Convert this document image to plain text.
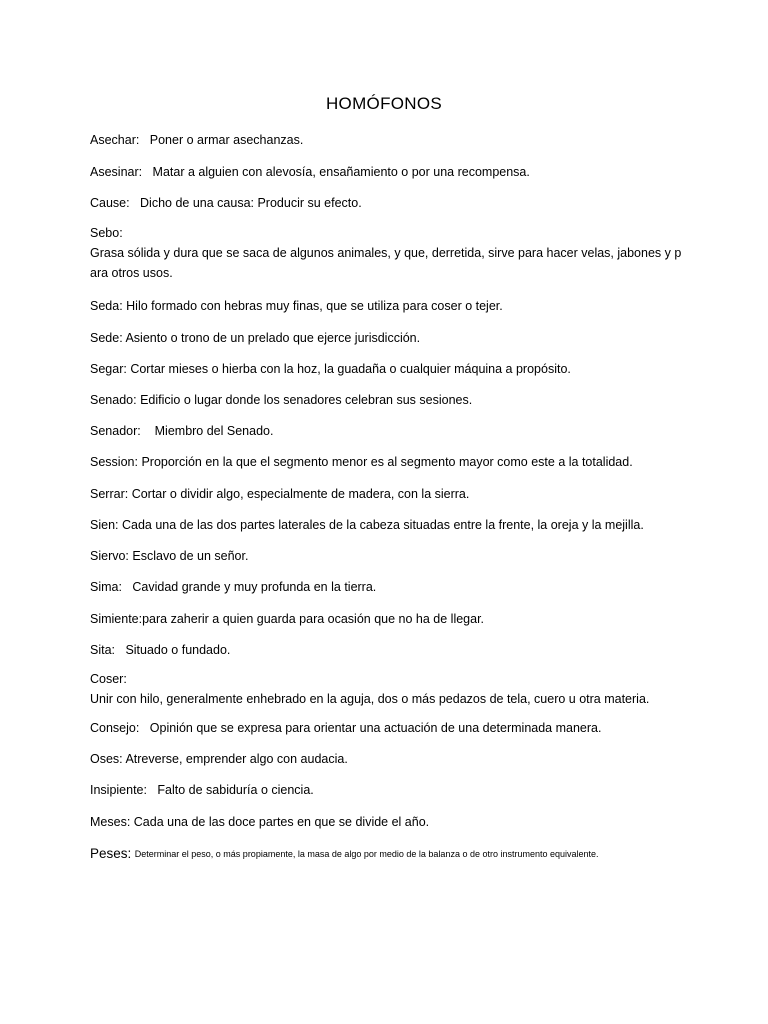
HOMÓFONOS
Asechar: Poner o armar asechanzas.
Asesinar: Matar a alguien con alevosía, ensañamiento o por una recompensa.
Cause: Dicho de una causa: Producir su efecto.
Sebo:
Grasa sólida y dura que se saca de algunos animales, y que, derretida, sirve para hacer velas, jabones y p
ara otros usos.
Seda: Hilo formado con hebras muy finas, que se utiliza para coser o tejer.
Sede: Asiento o trono de un prelado que ejerce jurisdicción.
Segar: Cortar mieses o hierba con la hoz, la guadaña o cualquier máquina a propósito.
Senado: Edificio o lugar donde los senadores celebran sus sesiones.
Senador: Miembro del Senado.
Session: Proporción en la que el segmento menor es al segmento mayor como este a la totalidad.
Serrar: Cortar o dividir algo, especialmente de madera, con la sierra.
Sien: Cada una de las dos partes laterales de la cabeza situadas entre la frente, la oreja y la mejilla.
Siervo: Esclavo de un señor.
Sima: Cavidad grande y muy profunda en la tierra.
Simiente:para zaherir a quien guarda para ocasión que no ha de llegar.
Sita: Situado o fundado.
Coser:
Unir con hilo, generalmente enhebrado en la aguja, dos o más pedazos de tela, cuero u otra materia.
Consejo: Opinión que se expresa para orientar una actuación de una determinada manera.
Oses: Atreverse, emprender algo con audacia.
Insipiente: Falto de sabiduría o ciencia.
Meses: Cada una de las doce partes en que se divide el año.
Peses: Determinar el peso, o más propiamente, la masa de algo por medio de la balanza o de otro instrumento equivalente.
